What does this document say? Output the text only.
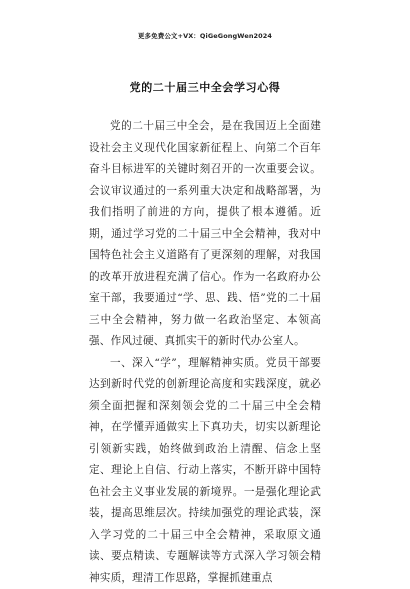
更多免费公文+VX：QiGeGongWen2024
党的二十届三中全会学习心得

党的二十届三中全会，是在我国迈上全面建设社会主义现代化国家新征程上、向第二个百年奋斗目标进军的关键时刻召开的一次重要会议。会议审议通过的一系列重大决定和战略部署，为我们指明了前进的方向，提供了根本遵循。近期，通过学习党的二十届三中全会精神，我对中国特色社会主义道路有了更深刻的理解，对我国的改革开放进程充满了信心。作为一名政府办公室干部，我要通过“学、思、践、悟”党的二十届三中全会精神，努力做一名政治坚定、本领高强、作风过硬、真抓实干的新时代办公室人。

一、深入“学”，理解精神实质。党员干部要达到新时代党的创新理论高度和实践深度，就必须全面把握和深刻领会党的二十届三中全会精神，在学懂弄通做实上下真功夫，切实以新理论引领新实践，始终做到政治上清醒、信念上坚定、理论上自信、行动上落实，不断开辟中国特色社会主义事业发展的新境界。一是强化理论武装，提高思维层次。持续加强党的理论武装，深入学习党的二十届三中全会精神，采取原文通读、要点精读、专题解读等方式深入学习领会精神实质，理清工作思路，掌握抓建重点
